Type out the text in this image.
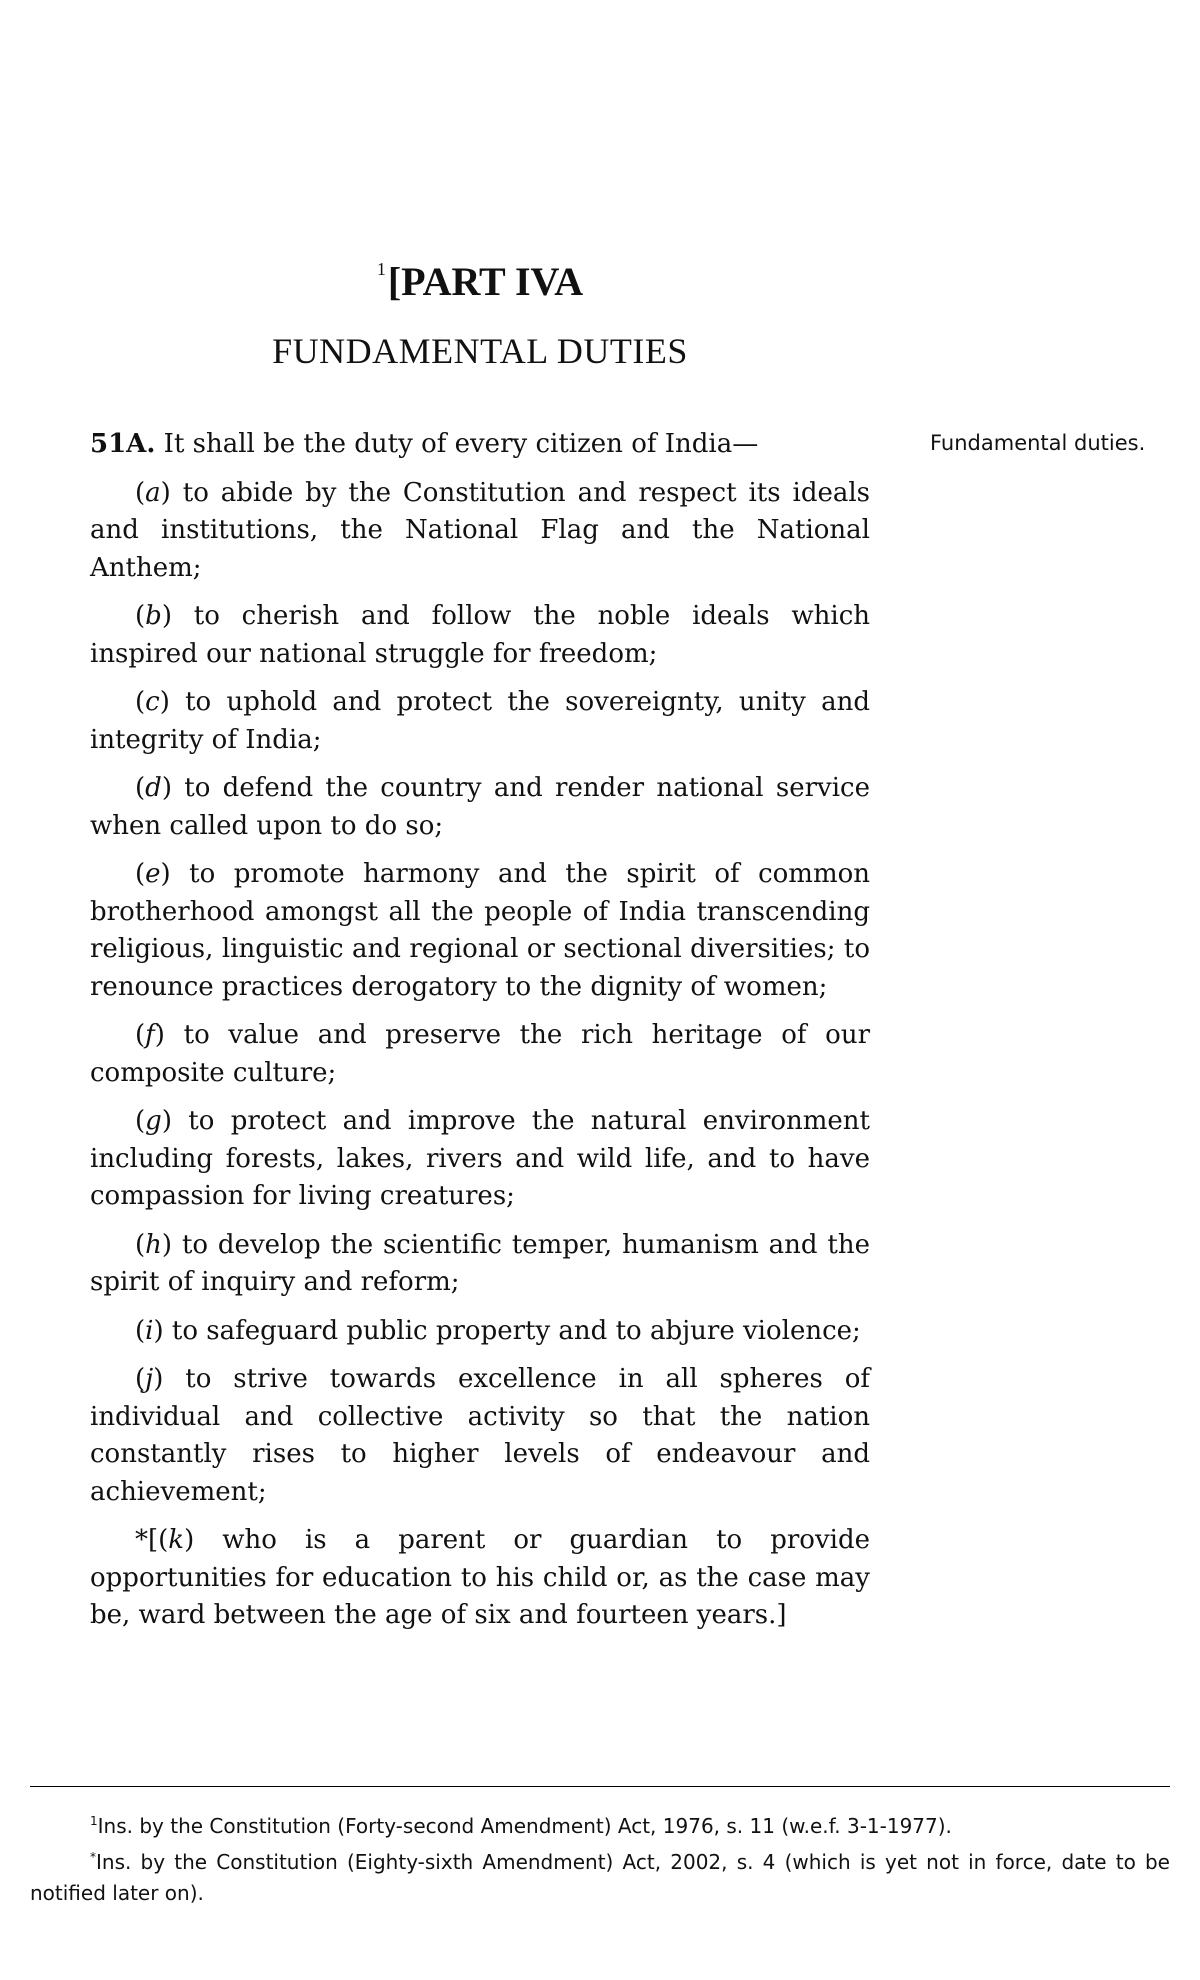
$^1$[PART IVA
FUNDAMENTAL DUTIES
Fundamental duties.

51A. It shall be the duty of every citizen of India—

(a) to abide by the Constitution and respect its ideals and institutions, the National Flag and the National Anthem;

(b) to cherish and follow the noble ideals which inspired our national struggle for freedom;

(c) to uphold and protect the sovereignty, unity and integrity of India;

(d) to defend the country and render national service when called upon to do so;

(e) to promote harmony and the spirit of common brotherhood amongst all the people of India transcending religious, linguistic and regional or sectional diversities; to renounce practices derogatory to the dignity of women;

(f) to value and preserve the rich heritage of our composite culture;

(g) to protect and improve the natural environment including forests, lakes, rivers and wild life, and to have compassion for living creatures;

(h) to develop the scientific temper, humanism and the spirit of inquiry and reform;

(i) to safeguard public property and to abjure violence;

(j) to strive towards excellence in all spheres of individual and collective activity so that the nation constantly rises to higher levels of endeavour and achievement;

*[(k) who is a parent or guardian to provide opportunities for education to his child or, as the case may be, ward between the age of six and fourteen years.]

$^1$Ins. by the Constitution (Forty-second Amendment) Act, 1976, s. 11 (w.e.f. 3-1-1977).

*Ins. by the Constitution (Eighty-sixth Amendment) Act, 2002, s. 4 (which is yet not in force, date to be notified later on).
